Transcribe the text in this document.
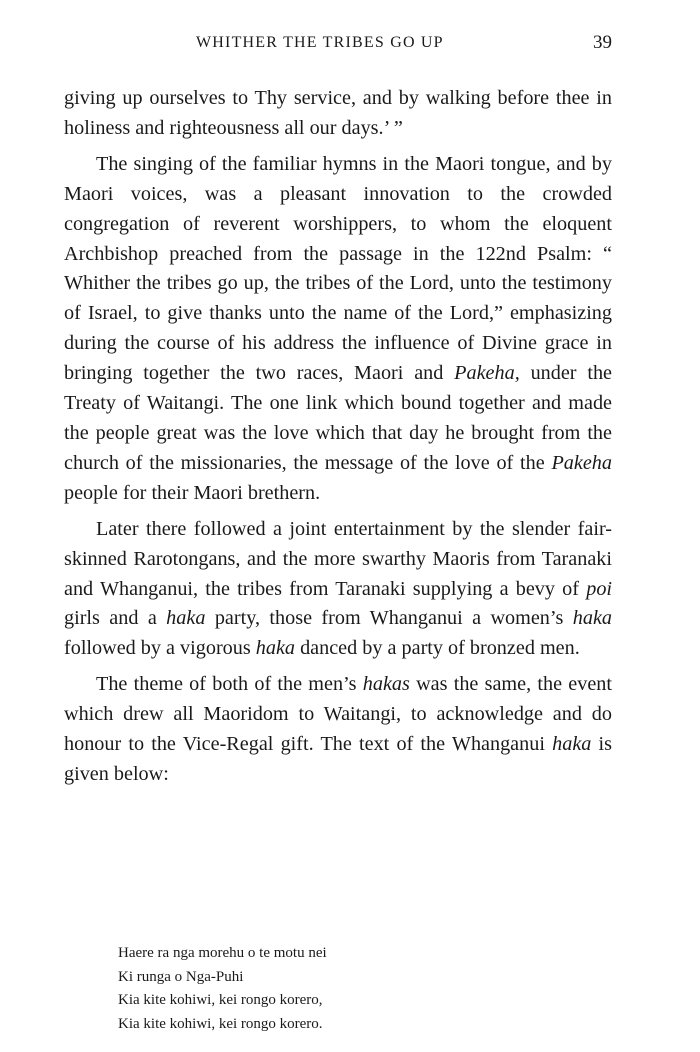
WHITHER THE TRIBES GO UP	39

giving up ourselves to Thy service, and by walking before thee in holiness and righteousness all our days.’ ”

The singing of the familiar hymns in the Maori tongue, and by Maori voices, was a pleasant innovation to the crowded congregation of reverent worshippers, to whom the eloquent Archbishop preached from the passage in the 122nd Psalm: “ Whither the tribes go up, the tribes of the Lord, unto the testimony of Israel, to give thanks unto the name of the Lord,” emphasizing during the course of his address the influence of Divine grace in bringing together the two races, Maori and Pakeha, under the Treaty of Waitangi. The one link which bound together and made the people great was the love which that day he brought from the church of the missionaries, the message of the love of the Pakeha people for their Maori brethern.

Later there followed a joint entertainment by the slender fair-skinned Rarotongans, and the more swarthy Maoris from Taranaki and Whanganui, the tribes from Taranaki supplying a bevy of poi girls and a haka party, those from Whanganui a women’s haka followed by a vigorous haka danced by a party of bronzed men.

The theme of both of the men’s hakas was the same, the event which drew all Maoridom to Waitangi, to acknowledge and do honour to the Vice-Regal gift. The text of the Whanganui haka is given below:

Haere ra nga morehu o te motu nei
Ki runga o Nga-Puhi
Kia kite kohiwi, kei rongo korero,
Kia kite kohiwi, kei rongo korero.
